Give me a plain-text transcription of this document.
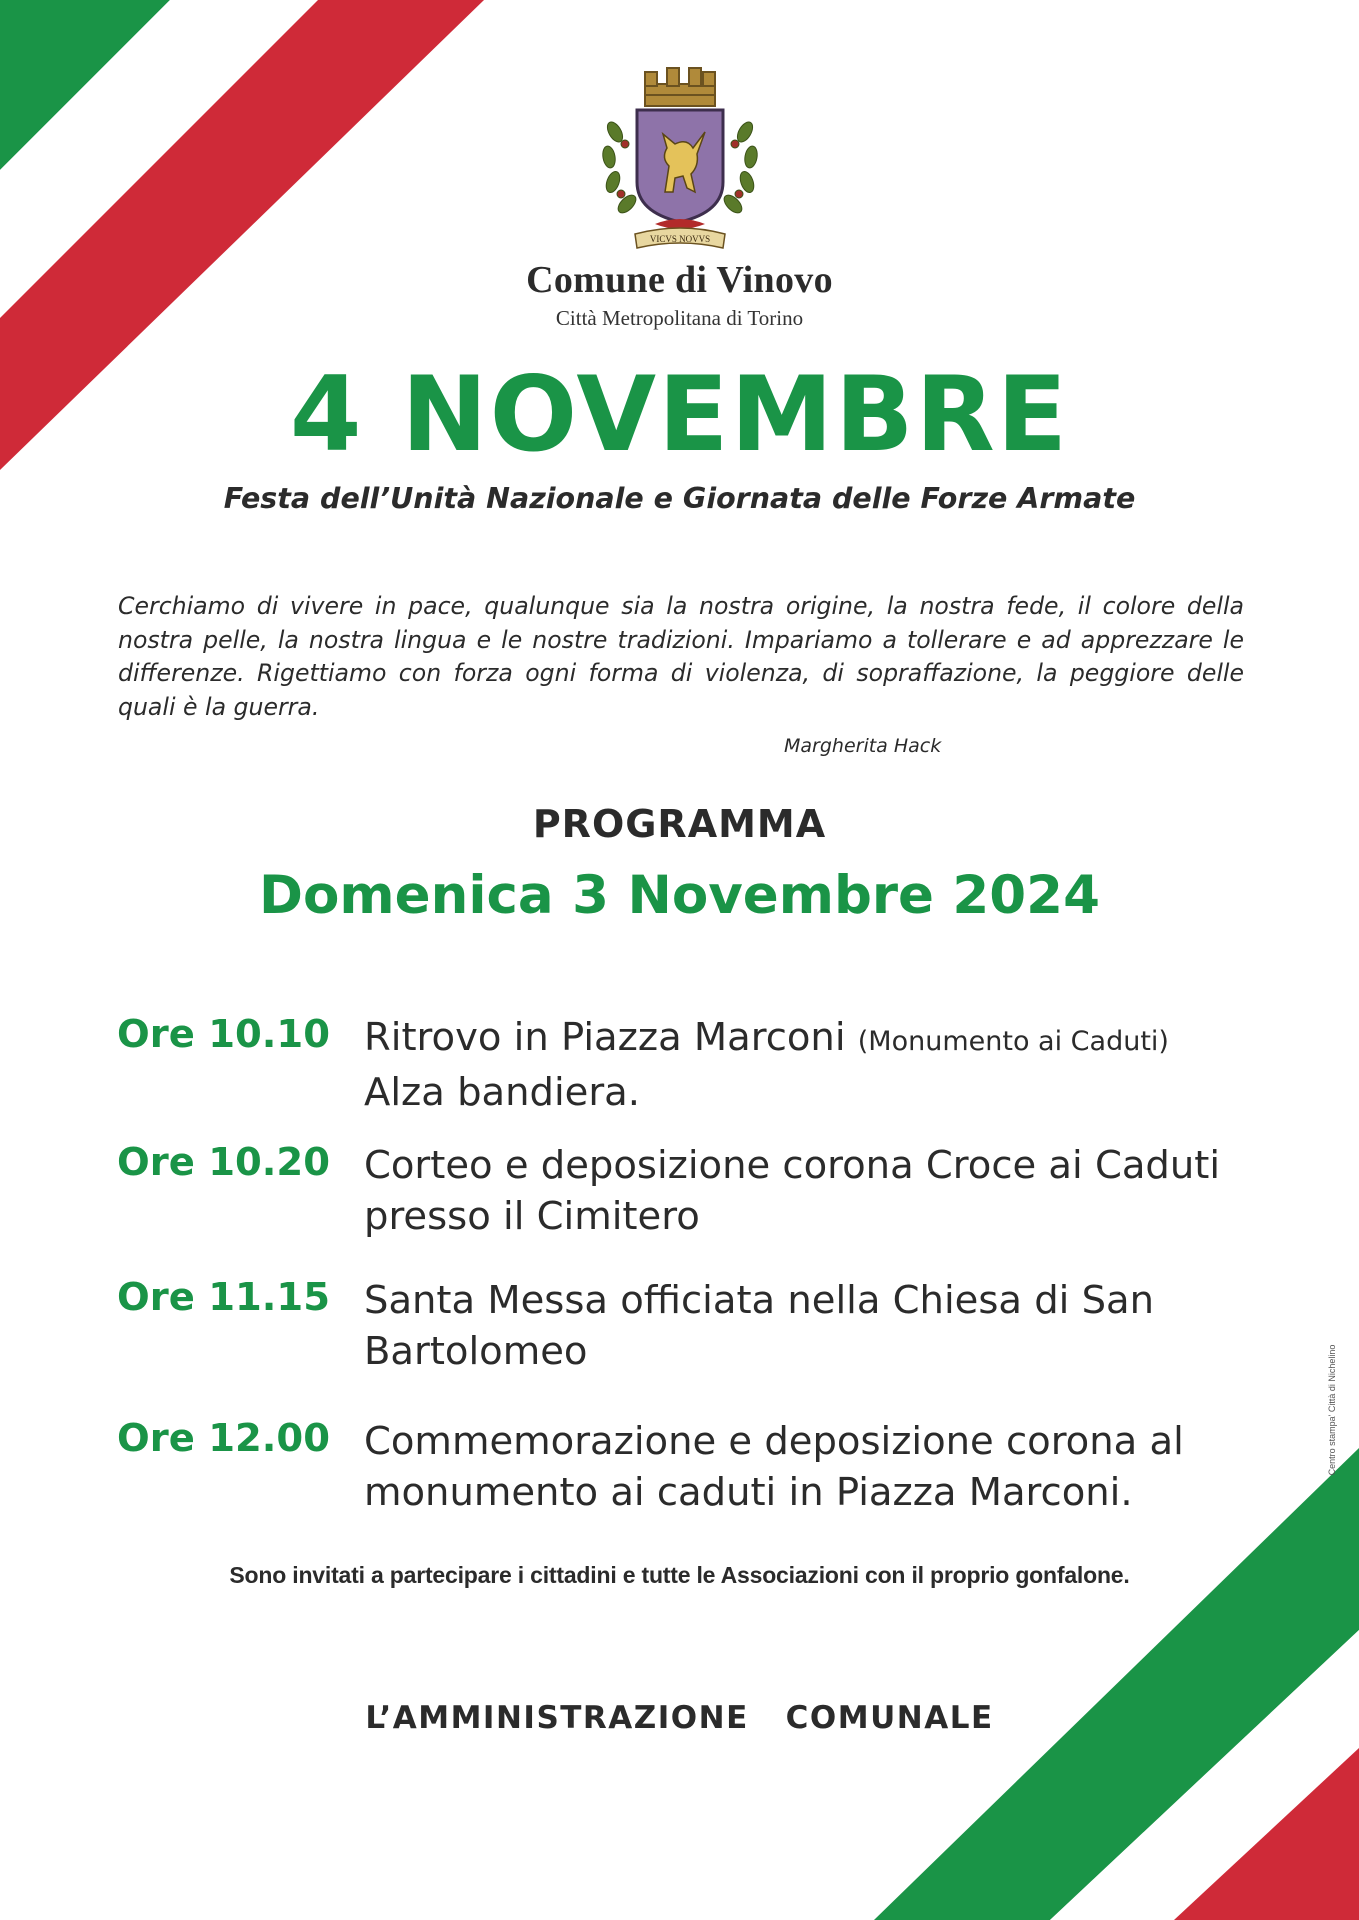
VICVS NOVVS
Comune di Vinovo
Città Metropolitana di Torino
4 NOVEMBRE
Festa dell’Unità Nazionale e Giornata delle Forze Armate
Cerchiamo di vivere in pace, qualunque sia la nostra origine, la nostra fede, il colore della nostra pelle, la nostra lingua e le nostre tradizioni. Impariamo a tollerare e ad apprezzare le differenze. Rigettiamo con forza ogni forma di violenza, di sopraffazione, la peggiore delle quali è la guerra.
Margherita Hack
PROGRAMMA
Domenica 3 Novembre 2024
Ore 10.10 Ritrovo in Piazza Marconi (Monumento ai Caduti)
Alza bandiera.
Ore 10.20 Corteo e deposizione corona Croce ai Caduti presso il Cimitero
Ore 11.15 Santa Messa officiata nella Chiesa di San Bartolomeo
Ore 12.00 Commemorazione e deposizione corona al monumento ai caduti in Piazza Marconi.
Sono invitati a partecipare i cittadini e tutte le Associazioni con il proprio gonfalone.
L’AMMINISTRAZIONE   COMUNALE
Centro stampa' Città di Nichelino
